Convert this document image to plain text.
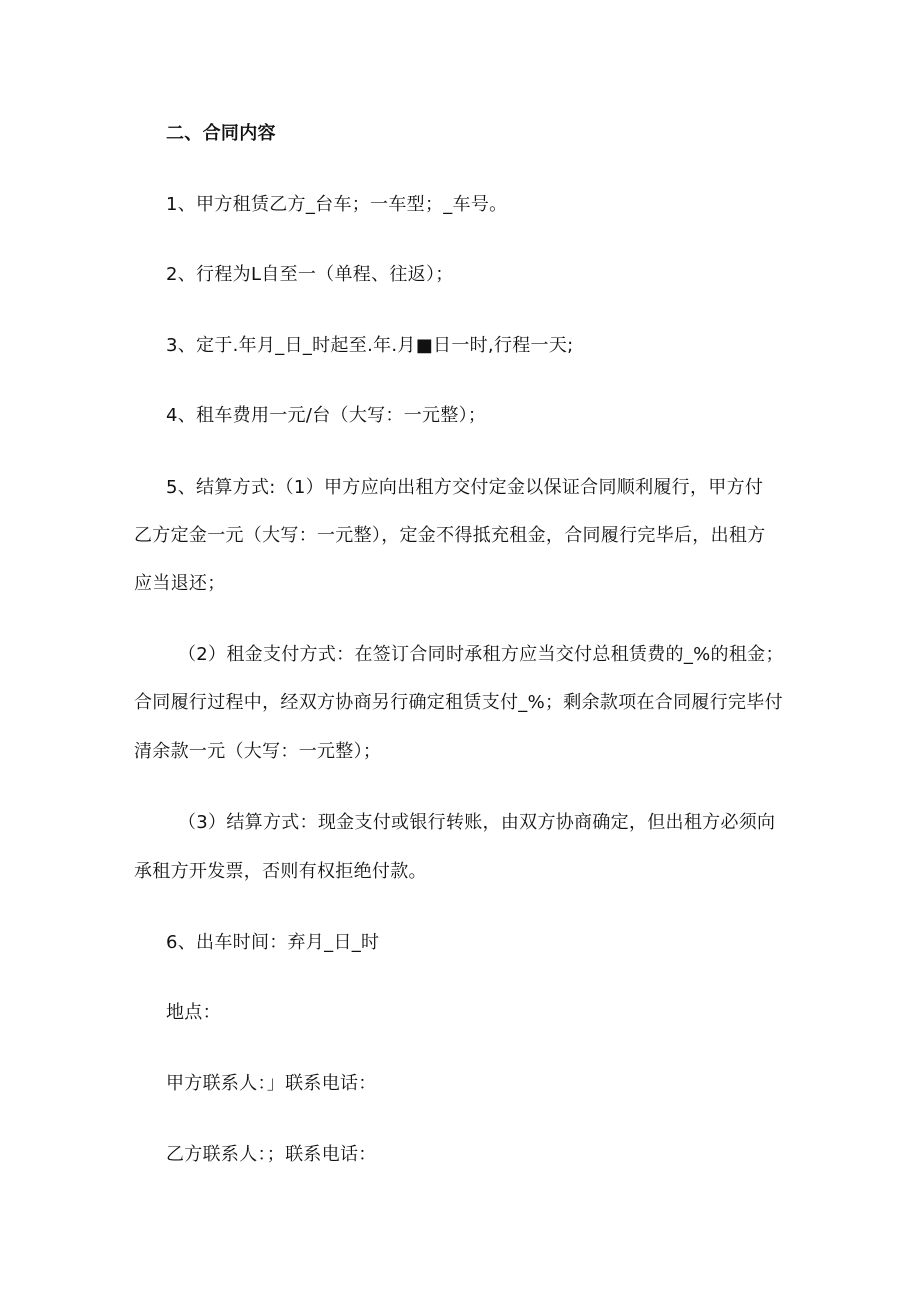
二、合同内容
1、甲方租赁乙方_台车；一车型；_车号。
2、行程为L自至一（单程、往返）；
3、定于.年月_日_时起至.年.月■日一时,行程一天;
4、租车费用一元/台（大写：一元整）；
5、结算方式:（1）甲方应向出租方交付定金以保证合同顺利履行，甲方付
乙方定金一元（大写：一元整），定金不得抵充租金，合同履行完毕后，出租方
应当退还；
（2）租金支付方式：在签订合同时承租方应当交付总租赁费的_%的租金；
合同履行过程中，经双方协商另行确定租赁支付_%；剩余款项在合同履行完毕付
清余款一元（大写：一元整）；
（3）结算方式：现金支付或银行转账，由双方协商确定，但出租方必须向
承租方开发票，否则有权拒绝付款。
6、出车时间：弃月_日_时
地点：
甲方联系人：」联系电话：
乙方联系人：；联系电话：
